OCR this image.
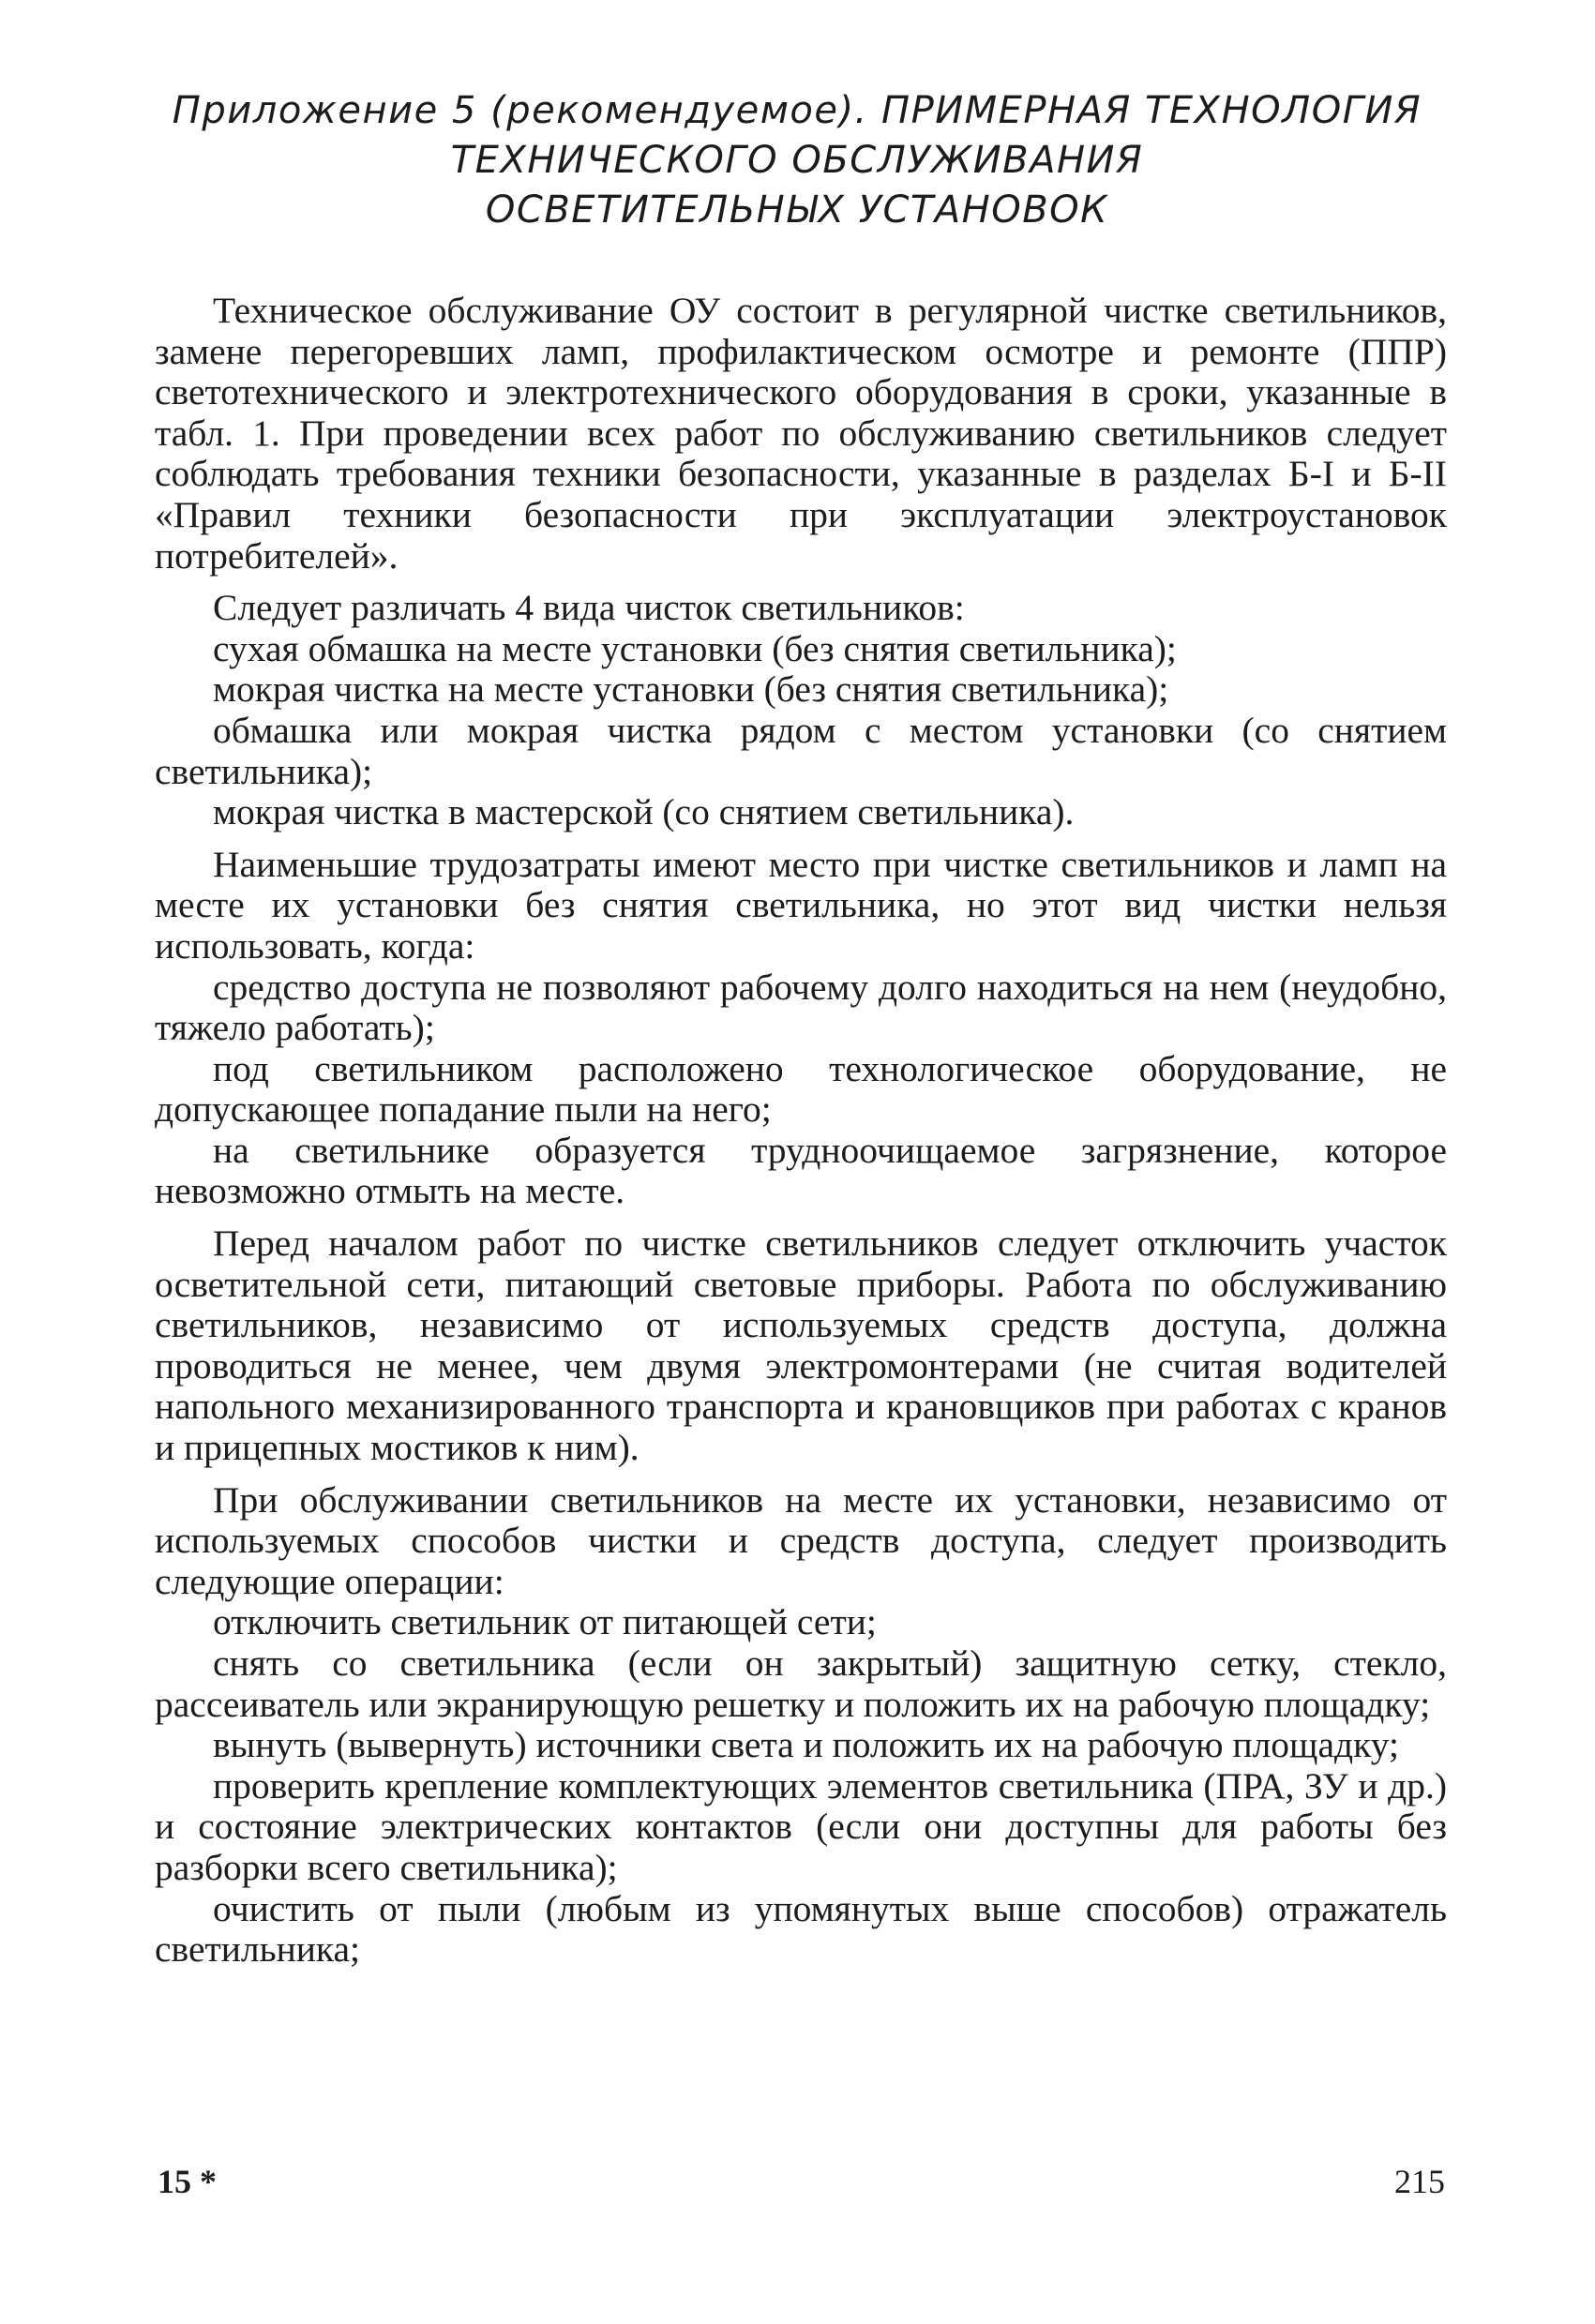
Приложение 5 (рекомендуемое). ПРИМЕРНАЯ ТЕХНОЛОГИЯ
ТЕХНИЧЕСКОГО ОБСЛУЖИВАНИЯ
ОСВЕТИТЕЛЬНЫХ УСТАНОВОК

Техническое обслуживание ОУ состоит в регулярной чистке светильников, замене перегоревших ламп, профилактическом осмотре и ремонте (ППР) светотехнического и электротехнического оборудования в сроки, указанные в табл. 1. При проведении всех работ по обслуживанию светильников следует соблюдать требования техники безопасности, указанные в разделах Б-I и Б-II «Правил техники безопасности при эксплуатации электроустановок потребителей».

Следует различать 4 вида чисток светильников:

сухая обмашка на месте установки (без снятия светильника);

мокрая чистка на месте установки (без снятия светильника);

обмашка или мокрая чистка рядом с местом установки (со снятием светильника);

мокрая чистка в мастерской (со снятием светильника).

Наименьшие трудозатраты имеют место при чистке светильников и ламп на месте их установки без снятия светильника, но этот вид чистки нельзя использовать, когда:

средство доступа не позволяют рабочему долго находиться на нем (неудобно, тяжело работать);

под светильником расположено технологическое оборудование, не допускающее попадание пыли на него;

на светильнике образуется трудноочищаемое загрязнение, которое невозможно отмыть на месте.

Перед началом работ по чистке светильников следует отключить участок осветительной сети, питающий световые приборы. Работа по обслуживанию светильников, независимо от используемых средств доступа, должна проводиться не менее, чем двумя электромонтерами (не считая водителей напольного механизированного транспорта и крановщиков при работах с кранов и прицепных мостиков к ним).

При обслуживании светильников на месте их установки, независимо от используемых способов чистки и средств доступа, следует производить следующие операции:

отключить светильник от питающей сети;

снять со светильника (если он закрытый) защитную сетку, стекло, рассеиватель или экранирующую решетку и положить их на рабочую площадку;

вынуть (вывернуть) источники света и положить их на рабочую площадку;

проверить крепление комплектующих элементов светильника (ПРА, ЗУ и др.) и состояние электрических контактов (если они доступны для работы без разборки всего светильника);

очистить от пыли (любым из упомянутых выше способов) отражатель светильника;

15 *	215
